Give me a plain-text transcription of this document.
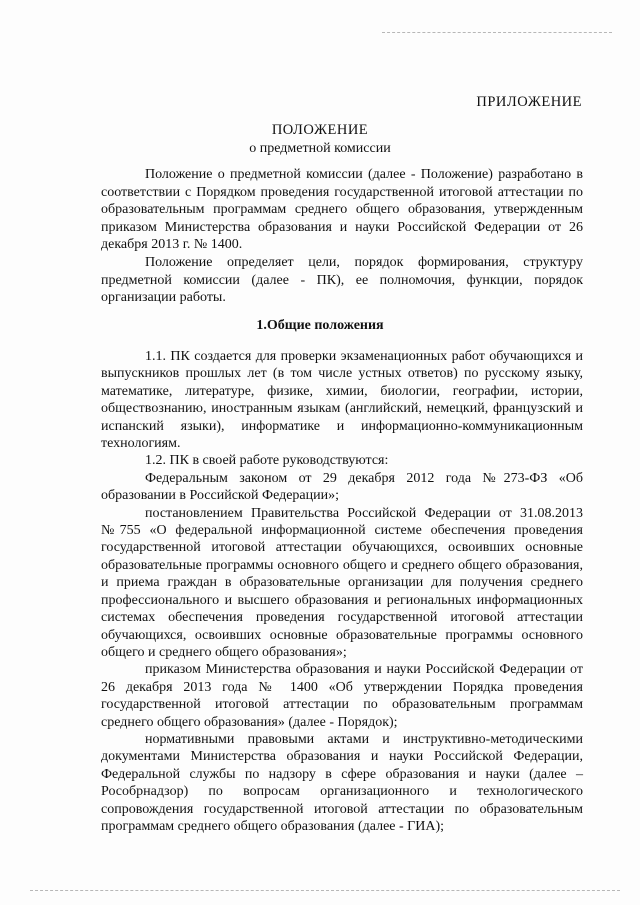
ПРИЛОЖЕНИЕ
ПОЛОЖЕНИЕ
о предметной комиссии

Положение о предметной комиссии (далее - Положение) разработано в соответствии с Порядком проведения государственной итоговой аттестации по образовательным программам среднего общего образования, утвержденным приказом Министерства образования и науки Российской Федерации от 26 декабря 2013 г. № 1400.

Положение определяет цели, порядок формирования, структуру предметной комиссии (далее - ПК), ее полномочия, функции, порядок организации работы.

1.Общие положения

1.1. ПК создается для проверки экзаменационных работ обучающихся и выпускников прошлых лет (в том числе устных ответов) по русскому языку, математике, литературе, физике, химии, биологии, географии, истории, обществознанию, иностранным языкам (английский, немецкий, французский и испанский языки), информатике и информационно-коммуникационным технологиям.

1.2. ПК в своей работе руководствуются:

Федеральным законом от 29 декабря 2012 года №273-ФЗ «Об образовании в Российской Федерации»;

постановлением Правительства Российской Федерации от 31.08.2013 №755 «О федеральной информационной системе обеспечения проведения государственной итоговой аттестации обучающихся, освоивших основные образовательные программы основного общего и среднего общего образования, и приема граждан в образовательные организации для получения среднего профессионального и высшего образования и региональных информационных системах обеспечения проведения государственной итоговой аттестации обучающихся, освоивших основные образовательные программы основного общего и среднего общего образования»;

приказом Министерства образования и науки Российской Федерации от 26 декабря 2013 года № 1400 «Об утверждении Порядка проведения государственной итоговой аттестации по образовательным программам среднего общего образования» (далее - Порядок);

нормативными правовыми актами и инструктивно-методическими документами Министерства образования и науки Российской Федерации, Федеральной службы по надзору в сфере образования и науки (далее – Рособрнадзор) по вопросам организационного и технологического сопровождения государственной итоговой аттестации по образовательным программам среднего общего образования (далее - ГИА);
